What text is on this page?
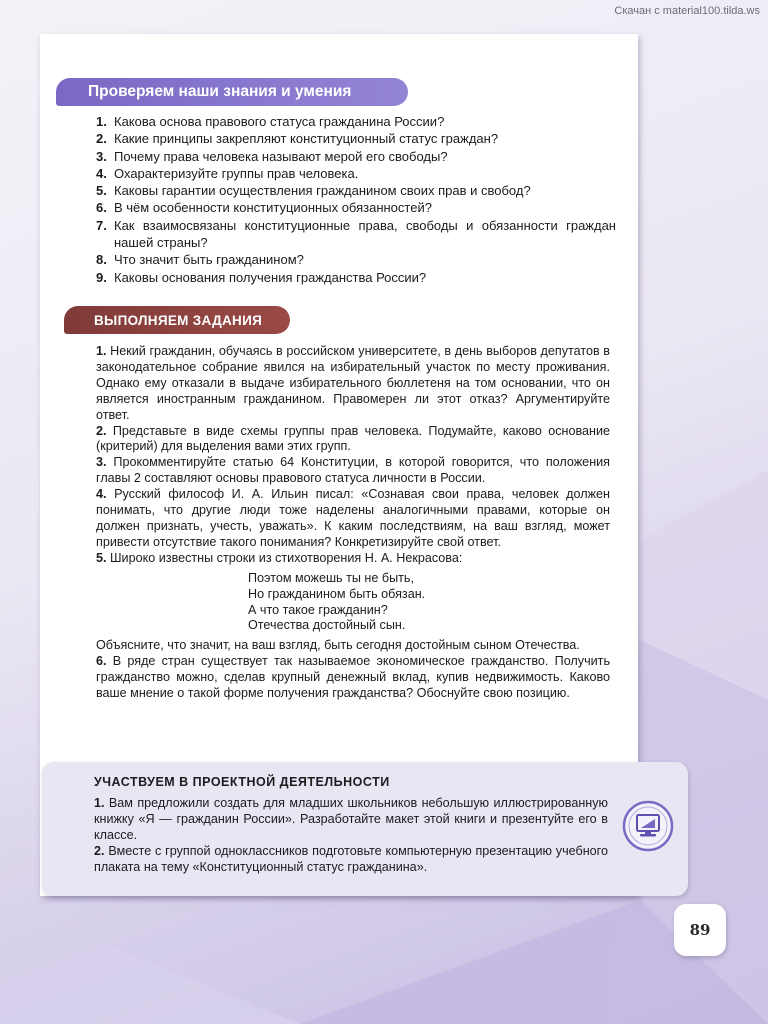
Скачан с material100.tilda.ws
Проверяем наши знания и умения
1. Какова основа правового статуса гражданина России?
2. Какие принципы закрепляют конституционный статус граждан?
3. Почему права человека называют мерой его свободы?
4. Охарактеризуйте группы прав человека.
5. Каковы гарантии осуществления гражданином своих прав и свобод?
6. В чём особенности конституционных обязанностей?
7. Как взаимосвязаны конституционные права, свободы и обязанности граждан нашей страны?
8. Что значит быть гражданином?
9. Каковы основания получения гражданства России?
ВЫПОЛНЯЕМ ЗАДАНИЯ

1. Некий гражданин, обучаясь в российском университете, в день выборов депутатов в законодательное собрание явился на избирательный участок по месту проживания. Однако ему отказали в выдаче избирательного бюллетеня на том основании, что он является иностранным гражданином. Правомерен ли этот отказ? Аргументируйте ответ.

2. Представьте в виде схемы группы прав человека. Подумайте, каково основание (критерий) для выделения вами этих групп.

3. Прокомментируйте статью 64 Конституции, в которой говорится, что положения главы 2 составляют основы правового статуса личности в России.

4. Русский философ И. А. Ильин писал: «Сознавая свои права, человек должен понимать, что другие люди тоже наделены аналогичными правами, которые он должен признать, учесть, уважать». К каким последствиям, на ваш взгляд, может привести отсутствие такого понимания? Конкретизируйте свой ответ.

5. Широко известны строки из стихотворения Н. А. Некрасова:

Поэтом можешь ты не быть,
Но гражданином быть обязан.
А что такое гражданин?
Отечества достойный сын.

Объясните, что значит, на ваш взгляд, быть сегодня достойным сыном Отечества.

6. В ряде стран существует так называемое экономическое гражданство. Получить гражданство можно, сделав крупный денежный вклад, купив недвижимость. Каково ваше мнение о такой форме получения гражданства? Обоснуйте свою позицию.

УЧАСТВУЕМ В ПРОЕКТНОЙ ДЕЯТЕЛЬНОСТИ

1. Вам предложили создать для младших школьников небольшую иллюстрированную книжку «Я — гражданин России». Разработайте макет этой книги и презентуйте его в классе.

2. Вместе с группой одноклассников подготовьте компьютерную презентацию учебного плаката на тему «Конституционный статус гражданина».

89
